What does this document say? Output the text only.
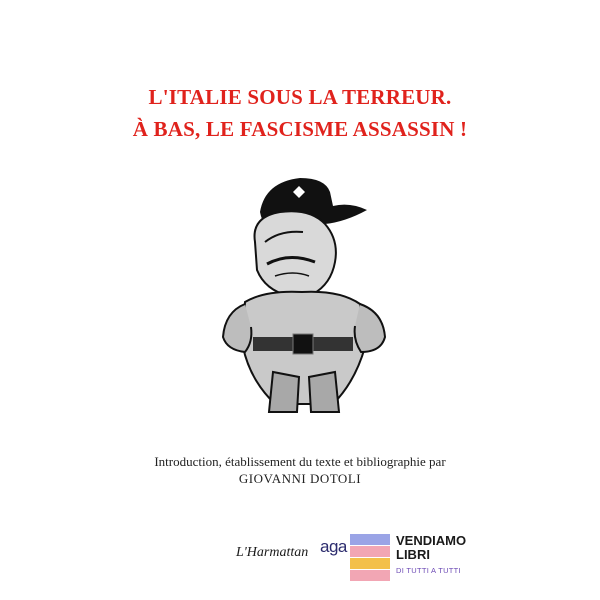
L'ITALIE SOUS LA TERREUR.
À BAS, LE FASCISME ASSASSIN !
Introduction, établissement du texte et bibliographie par
GIOVANNI DOTOLI
L'Harmattan aga	VENDIAMO
LIBRI
DI TUTTI A TUTTI
